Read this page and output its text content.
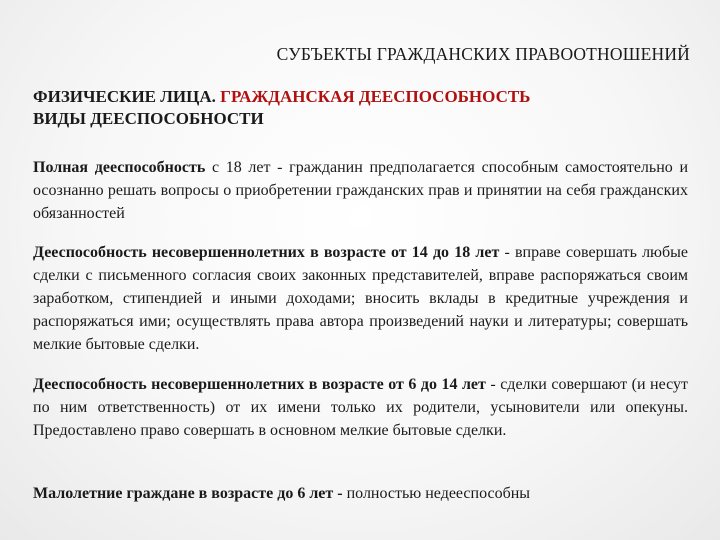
СУБЪЕКТЫ ГРАЖДАНСКИХ ПРАВООТНОШЕНИЙ
ФИЗИЧЕСКИЕ ЛИЦА. ГРАЖДАНСКАЯ ДЕЕСПОСОБНОСТЬ
ВИДЫ ДЕЕСПОСОБНОСТИ
Полная дееспособность с 18 лет - гражданин предполагается способным самостоятельно и осознанно решать вопросы о приобретении гражданских прав и принятии на себя гражданских обязанностей
Дееспособность несовершеннолетних в возрасте от 14 до 18 лет - вправе совершать любые сделки с письменного согласия своих законных представителей, вправе распоряжаться своим заработком, стипендией и иными доходами; вносить вклады в кредитные учреждения и распоряжаться ими; осуществлять права автора произведений науки и литературы; совершать мелкие бытовые сделки.
Дееспособность несовершеннолетних в возрасте от 6 до 14 лет - сделки совершают (и несут по ним ответственность) от их имени только их родители, усыновители или опекуны. Предоставлено право совершать в основном мелкие бытовые сделки.
Малолетние граждане в возрасте до 6 лет - полностью недееспособны
